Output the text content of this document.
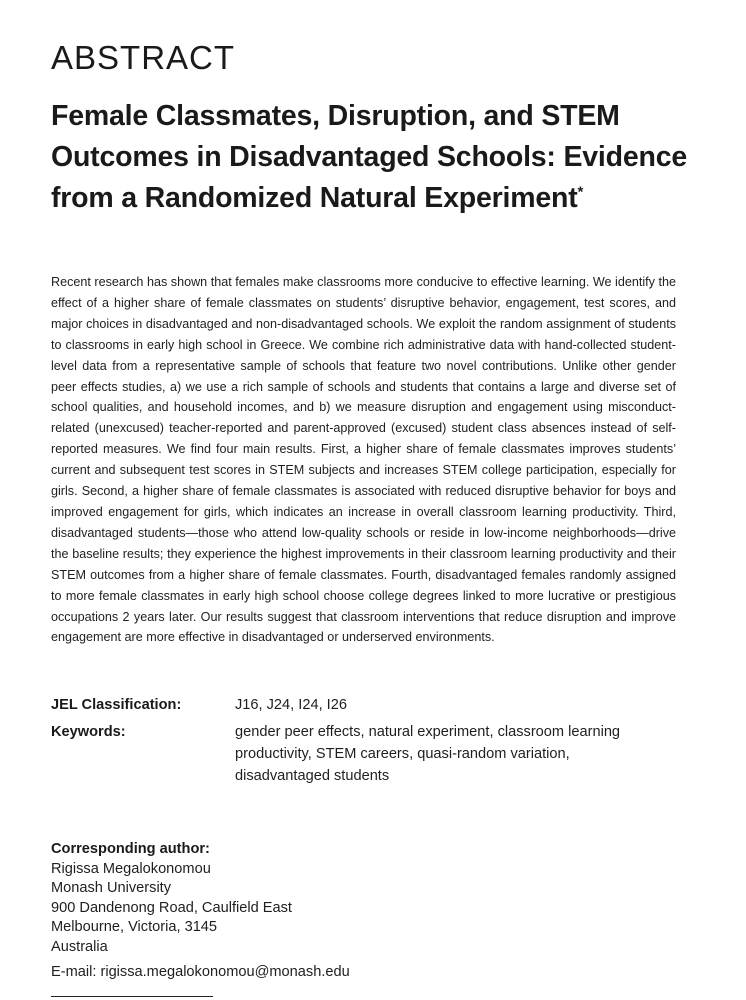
ABSTRACT
Female Classmates, Disruption, and STEM Outcomes in Disadvantaged Schools: Evidence from a Randomized Natural Experiment*

Recent research has shown that females make classrooms more conducive to effective learning. We identify the effect of a higher share of female classmates on students’ disruptive behavior, engagement, test scores, and major choices in disadvantaged and non-disadvantaged schools. We exploit the random assignment of students to classrooms in early high school in Greece. We combine rich administrative data with hand-collected student-level data from a representative sample of schools that feature two novel contributions. Unlike other gender peer effects studies, a) we use a rich sample of schools and students that contains a large and diverse set of school qualities, and household incomes, and b) we measure disruption and engagement using misconduct-related (unexcused) teacher-reported and parent-approved (excused) student class absences instead of self-reported measures. We find four main results. First, a higher share of female classmates improves students’ current and subsequent test scores in STEM subjects and increases STEM college participation, especially for girls. Second, a higher share of female classmates is associated with reduced disruptive behavior for boys and improved engagement for girls, which indicates an increase in overall classroom learning productivity. Third, disadvantaged students—those who attend low-quality schools or reside in low-income neighborhoods—drive the baseline results; they experience the highest improvements in their classroom learning productivity and their STEM outcomes from a higher share of female classmates. Fourth, disadvantaged females randomly assigned to more female classmates in early high school choose college degrees linked to more lucrative or prestigious occupations 2 years later. Our results suggest that classroom interventions that reduce disruption and improve engagement are more effective in disadvantaged or underserved environments.

JEL Classification:	J16, J24, I24, I26
Keywords:	gender peer effects, natural experiment, classroom learning productivity, STEM careers, quasi-random variation, disadvantaged students
Corresponding author:
Rigissa Megalokonomou
Monash University
900 Dandenong Road, Caulfield East
Melbourne, Victoria, 3145
Australia
E-mail: rigissa.megalokonomou@monash.edu
